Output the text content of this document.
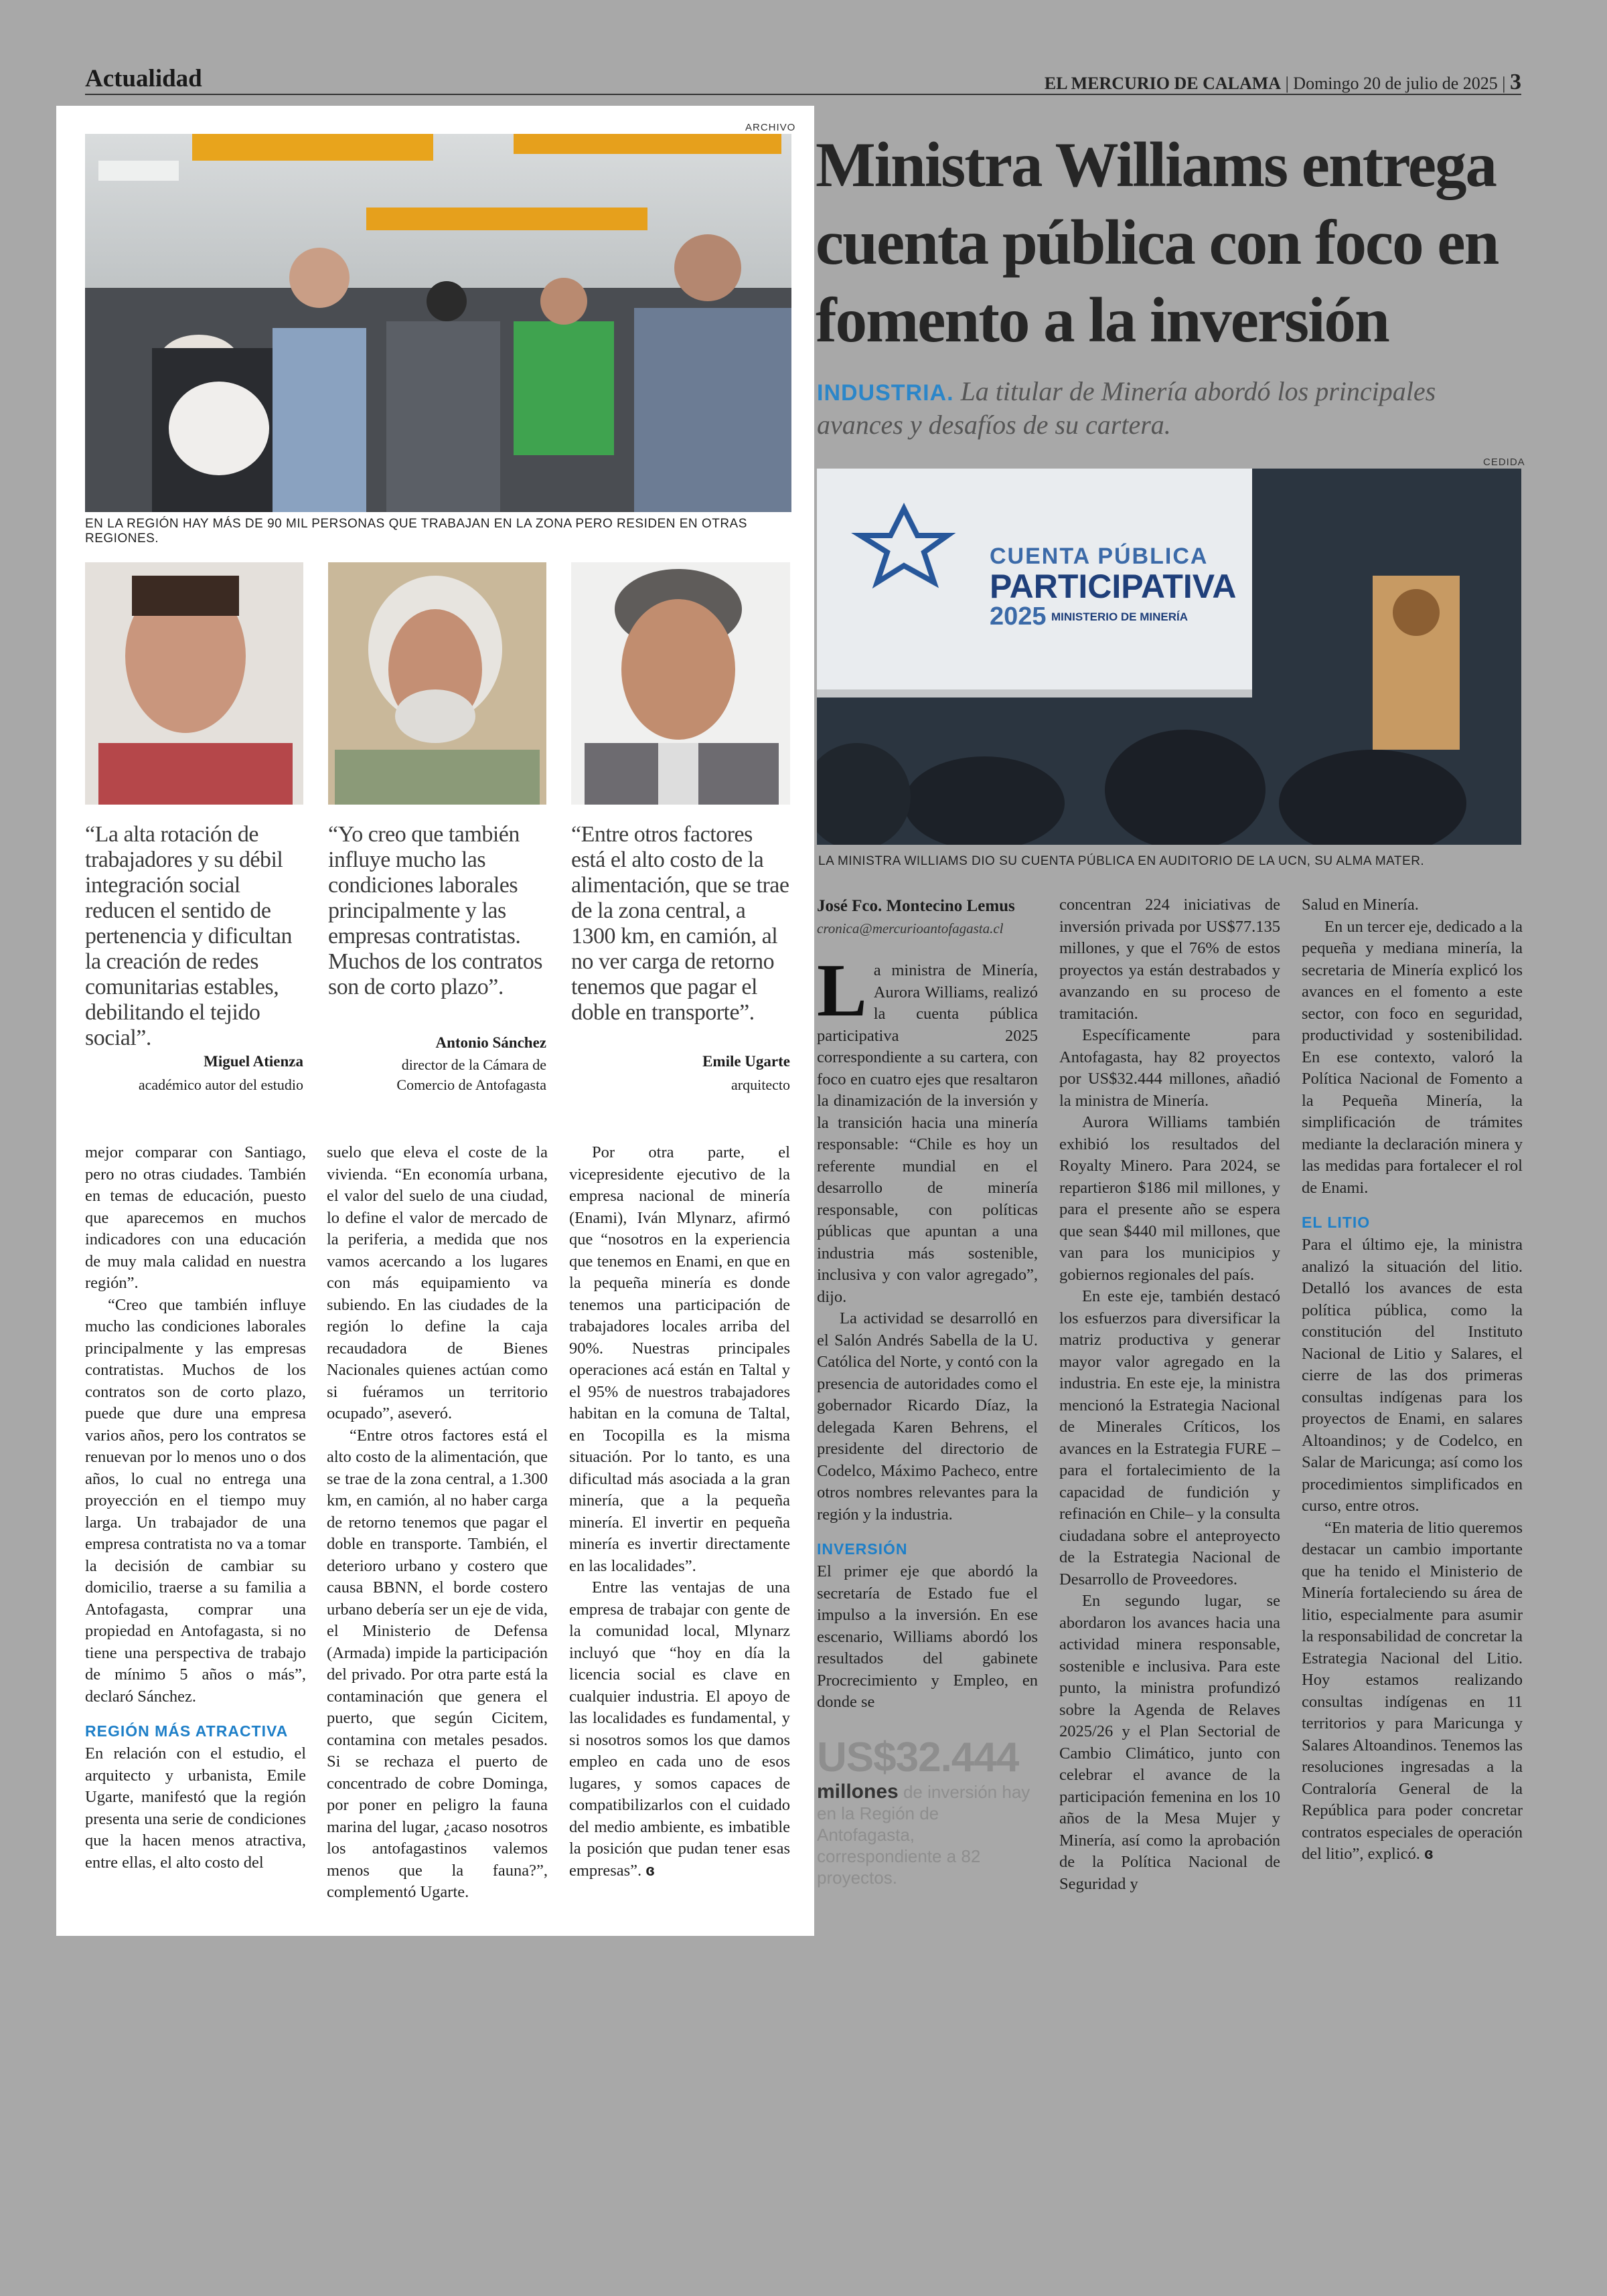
Actualidad	EL MERCURIO DE CALAMA | Domingo 20 de julio de 2025 | 3
ARCHIVO
EN LA REGIÓN HAY MÁS DE 90 MIL PERSONAS QUE TRABAJAN EN LA ZONA PERO RESIDEN EN OTRAS REGIONES.
“La alta rotación de trabajadores y su débil integración social reducen el sentido de pertenencia y dificultan la creación de redes comunitarias estables, debilitando el tejido social”.
Miguel Atienza
académico autor del estudio
“Yo creo que también influye mucho las condiciones laborales principalmente y las empresas contratistas. Muchos de los contratos son de corto plazo”.
Antonio Sánchez
director de la Cámara de Comercio de Antofagasta
“Entre otros factores está el alto costo de la alimentación, que se trae de la zona central, a 1300 km, en camión, al no ver carga de retorno tenemos que pagar el doble en transporte”.
Emile Ugarte
arquitecto

mejor comparar con Santiago, pero no otras ciudades. También en temas de educación, puesto que aparecemos en muchos indicadores con una educación de muy mala calidad en nuestra región”.

“Creo que también influye mucho las condiciones laborales principalmente y las empresas contratistas. Muchos de los contratos son de corto plazo, puede que dure una empresa varios años, pero los contratos se renuevan por lo menos uno o dos años, lo cual no entrega una proyección en el tiempo muy larga. Un trabajador de una empresa contratista no va a tomar la decisión de cambiar su domicilio, traerse a su familia a Antofagasta, comprar una propiedad en Antofagasta, si no tiene una perspectiva de trabajo de mínimo 5 años o más”, declaró Sánchez.

REGIÓN MÁS ATRACTIVA

En relación con el estudio, el arquitecto y urbanista, Emile Ugarte, manifestó que la región presenta una serie de condiciones que la hacen menos atractiva, entre ellas, el alto costo del

suelo que eleva el coste de la vivienda. “En economía urbana, el valor del suelo de una ciudad, lo define el valor de mercado de la periferia, a medida que nos vamos acercando a los lugares con más equipamiento va subiendo. En las ciudades de la región lo define la caja recaudadora de Bienes Nacionales quienes actúan como si fuéramos un territorio ocupado”, aseveró.

“Entre otros factores está el alto costo de la alimentación, que se trae de la zona central, a 1.300 km, en camión, al no haber carga de retorno tenemos que pagar el doble en transporte. También, el deterioro urbano y costero que causa BBNN, el borde costero urbano debería ser un eje de vida, el Ministerio de Defensa (Armada) impide la participación del privado. Por otra parte está la contaminación que genera el puerto, que según Cicitem, contamina con metales pesados. Si se rechaza el puerto de concentrado de cobre Dominga, por poner en peligro la fauna marina del lugar, ¿acaso nosotros los antofagastinos valemos menos que la fauna?”, complementó Ugarte.

Por otra parte, el vicepresidente ejecutivo de la empresa nacional de minería (Enami), Iván Mlynarz, afirmó que “nosotros en la experiencia que tenemos en Enami, en que en la pequeña minería es donde tenemos una participación de trabajadores locales arriba del 90%. Nuestras principales operaciones acá están en Taltal y el 95% de nuestros trabajadores habitan en la comuna de Taltal, en Tocopilla es la misma situación. Por lo tanto, es una dificultad más asociada a la gran minería, que a la pequeña minería. El invertir en pequeña minería es invertir directamente en las localidades”.

Entre las ventajas de una empresa de trabajar con gente de la comunidad local, Mlynarz incluyó que “hoy en día la licencia social es clave en cualquier industria. El apoyo de las localidades es fundamental, y si nosotros somos los que damos empleo en cada uno de esos lugares, y somos capaces de compatibilizarlos con el cuidado del medio ambiente, es imbatible la posición que pudan tener esas empresas”. ɞ

Ministra Williams entrega cuenta pública con foco en fomento a la inversión
INDUSTRIA. La titular de Minería abordó los principales avances y desafíos de su cartera.
CEDIDA
CUENTA PÚBLICA
PARTICIPATIVA
2025 MINISTERIO DE MINERÍA
LA MINISTRA WILLIAMS DIO SU CUENTA PÚBLICA EN AUDITORIO DE LA UCN, SU ALMA MATER.
José Fco. Montecino Lemus
cronica@mercurioantofagasta.cl

La ministra de Minería, Aurora Williams, realizó la cuenta pública participativa 2025 correspondiente a su cartera, con foco en cuatro ejes que resaltaron la dinamización de la inversión y la transición hacia una minería responsable: “Chile es hoy un referente mundial en el desarrollo de minería responsable, con políticas públicas que apuntan a una industria más sostenible, inclusiva y con valor agregado”, dijo.

La actividad se desarrolló en el Salón Andrés Sabella de la U. Católica del Norte, y contó con la presencia de autoridades como el gobernador Ricardo Díaz, la delegada Karen Behrens, el presidente del directorio de Codelco, Máximo Pacheco, entre otros nombres relevantes para la región y la industria.

INVERSIÓN

El primer eje que abordó la secretaría de Estado fue el impulso a la inversión. En ese escenario, Williams abordó los resultados del gabinete Procrecimiento y Empleo, en donde se

US$32.444
millones de inversión hay en la Región de Antofagasta, correspondiente a 82 proyectos.

concentran 224 iniciativas de inversión privada por US$77.135 millones, y que el 76% de estos proyectos ya están destrabados y avanzando en su proceso de tramitación.

Específicamente para Antofagasta, hay 82 proyectos por US$32.444 millones, añadió la ministra de Minería.

Aurora Williams también exhibió los resultados del Royalty Minero. Para 2024, se repartieron $186 mil millones, y para el presente año se espera que sean $440 mil millones, que van para los municipios y gobiernos regionales del país.

En este eje, también destacó los esfuerzos para diversificar la matriz productiva y generar mayor valor agregado en la industria. En este eje, la ministra mencionó la Estrategia Nacional de Minerales Críticos, los avances en la Estrategia FURE –para el fortalecimiento de la capacidad de fundición y refinación en Chile– y la consulta ciudadana sobre el anteproyecto de la Estrategia Nacional de Desarrollo de Proveedores.

En segundo lugar, se abordaron los avances hacia una actividad minera responsable, sostenible e inclusiva. Para este punto, la ministra profundizó sobre la Agenda de Relaves 2025/26 y el Plan Sectorial de Cambio Climático, junto con celebrar el avance de la participación femenina en los 10 años de la Mesa Mujer y Minería, así como la aprobación de la Política Nacional de Seguridad y

Salud en Minería.

En un tercer eje, dedicado a la pequeña y mediana minería, la secretaria de Minería explicó los avances en el fomento a este sector, con foco en seguridad, productividad y sostenibilidad. En ese contexto, valoró la Política Nacional de Fomento a la Pequeña Minería, la simplificación de trámites mediante la declaración minera y las medidas para fortalecer el rol de Enami.

EL LITIO

Para el último eje, la ministra analizó la situación del litio. Detalló los avances de esta política pública, como la constitución del Instituto Nacional de Litio y Salares, el cierre de las dos primeras consultas indígenas para los proyectos de Enami, en salares Altoandinos; y de Codelco, en Salar de Maricunga; así como los procedimientos simplificados en curso, entre otros.

“En materia de litio queremos destacar un cambio importante que ha tenido el Ministerio de Minería fortaleciendo su área de litio, especialmente para asumir la responsabilidad de concretar la Estrategia Nacional del Litio. Hoy estamos realizando consultas indígenas en 11 territorios y para Maricunga y Salares Altoandinos. Tenemos las resoluciones ingresadas a la Contraloría General de la República para poder concretar contratos especiales de operación del litio”, explicó. ɞ
